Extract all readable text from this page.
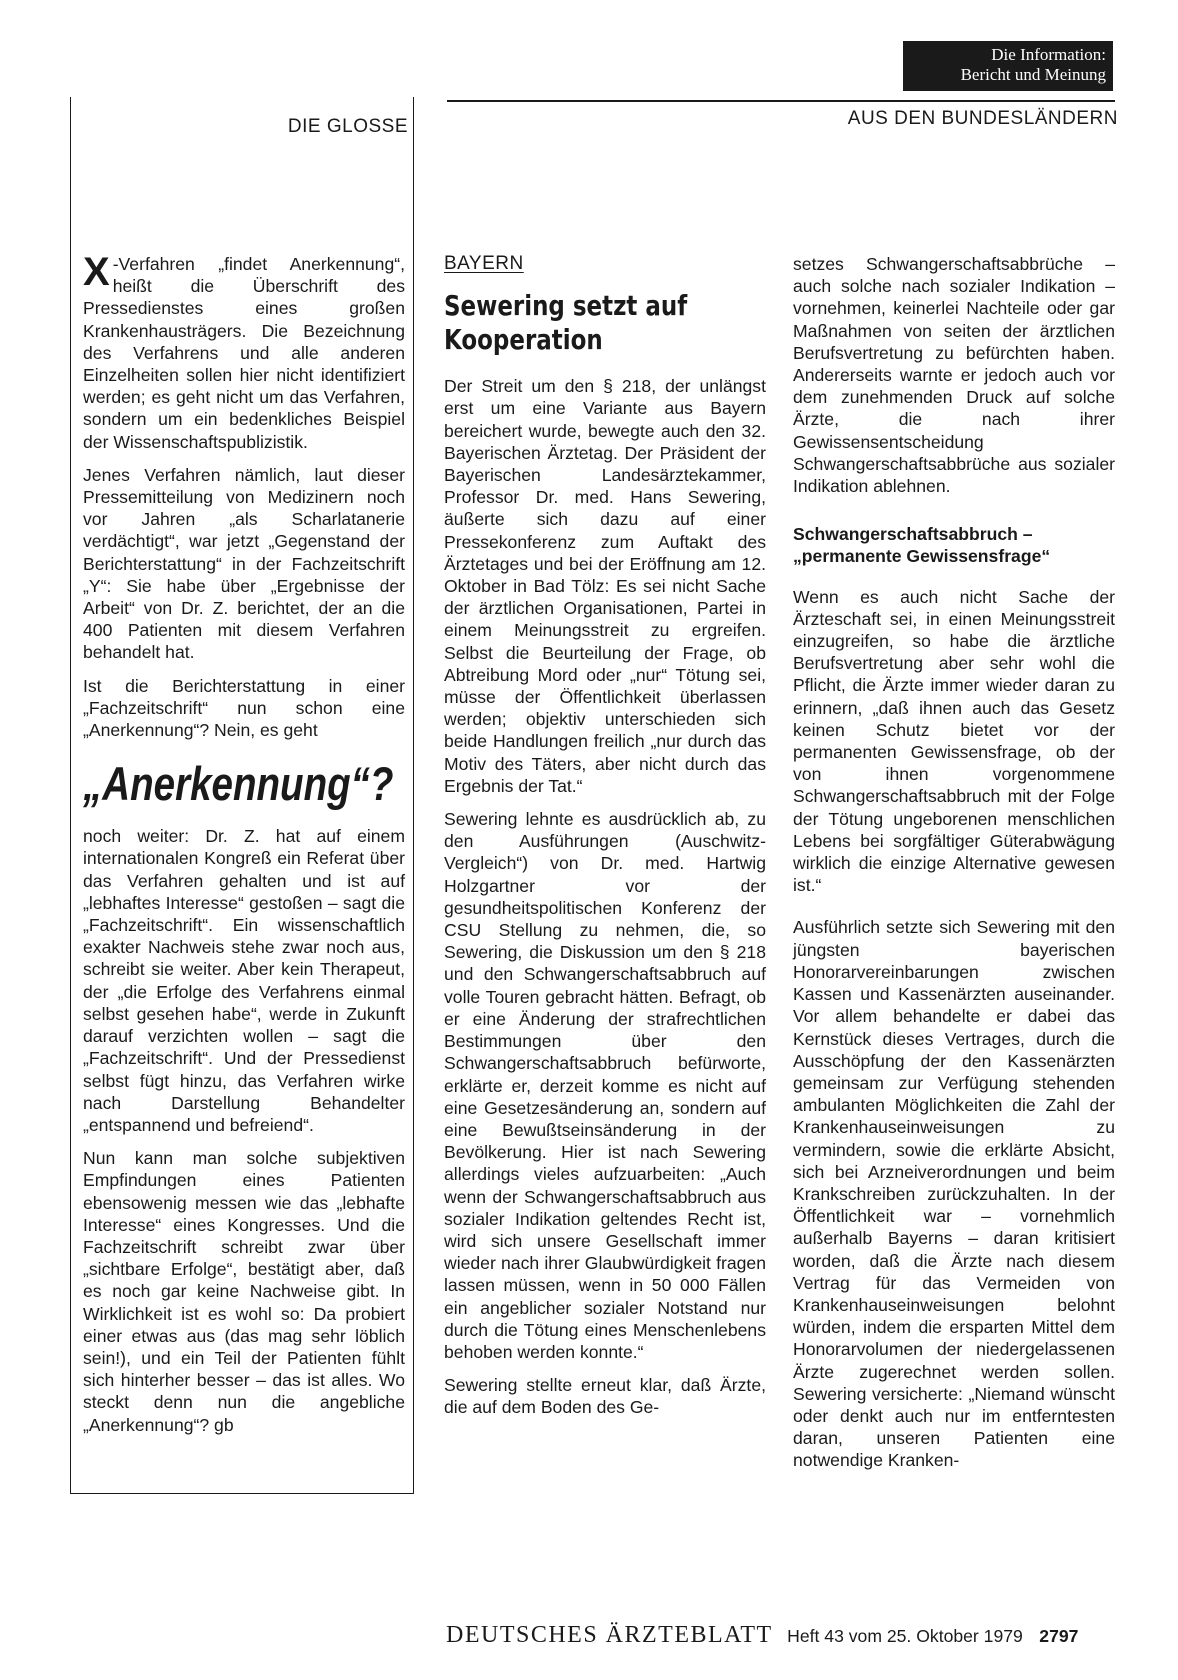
Die Information:
Bericht und Meinung
DIE GLOSSE	AUS DEN BUNDESLÄNDERN

X -Verfahren „findet Anerkennung“, heißt die Überschrift des Pressedienstes eines großen Krankenhausträgers. Die Bezeichnung des Verfahrens und alle anderen Einzelheiten sollen hier nicht identifiziert werden; es geht nicht um das Verfahren, sondern um ein bedenkliches Beispiel der Wissenschaftspublizistik.

Jenes Verfahren nämlich, laut dieser Pressemitteilung von Medizinern noch vor Jahren „als Scharlatanerie verdächtigt“, war jetzt „Gegenstand der Berichterstattung“ in der Fachzeitschrift „Y“: Sie habe über „Ergebnisse der Arbeit“ von Dr. Z. berichtet, der an die 400 Patienten mit diesem Verfahren behandelt hat.

Ist die Berichterstattung in einer „Fachzeitschrift“ nun schon eine „Anerkennung“? Nein, es geht

„Anerkennung“?

noch weiter: Dr. Z. hat auf einem internationalen Kongreß ein Referat über das Verfahren gehalten und ist auf „lebhaftes Interesse“ gestoßen – sagt die „Fachzeitschrift“. Ein wissenschaftlich exakter Nachweis stehe zwar noch aus, schreibt sie weiter. Aber kein Therapeut, der „die Erfolge des Verfahrens einmal selbst gesehen habe“, werde in Zukunft darauf verzichten wollen – sagt die „Fachzeitschrift“. Und der Pressedienst selbst fügt hinzu, das Verfahren wirke nach Darstellung Behandelter „entspannend und befreiend“.

Nun kann man solche subjektiven Empfindungen eines Patienten ebensowenig messen wie das „lebhafte Interesse“ eines Kongresses. Und die Fachzeitschrift schreibt zwar über „sichtbare Erfolge“, bestätigt aber, daß es noch gar keine Nachweise gibt. In Wirklichkeit ist es wohl so: Da probiert einer etwas aus (das mag sehr löblich sein!), und ein Teil der Patienten fühlt sich hinterher besser – das ist alles. Wo steckt denn nun die angebliche „Anerkennung“? gb

BAYERN
Sewering setzt auf Kooperation

Der Streit um den § 218, der unlängst erst um eine Variante aus Bayern bereichert wurde, bewegte auch den 32. Bayerischen Ärztetag. Der Präsident der Bayerischen Landesärztekammer, Professor Dr. med. Hans Sewering, äußerte sich dazu auf einer Pressekonferenz zum Auftakt des Ärztetages und bei der Eröffnung am 12. Oktober in Bad Tölz: Es sei nicht Sache der ärztlichen Organisationen, Partei in einem Meinungsstreit zu ergreifen. Selbst die Beurteilung der Frage, ob Abtreibung Mord oder „nur“ Tötung sei, müsse der Öffentlichkeit überlassen werden; objektiv unterschieden sich beide Handlungen freilich „nur durch das Motiv des Täters, aber nicht durch das Ergebnis der Tat.“

Sewering lehnte es ausdrücklich ab, zu den Ausführungen (Auschwitz-Vergleich“) von Dr. med. Hartwig Holzgartner vor der gesundheitspolitischen Konferenz der CSU Stellung zu nehmen, die, so Sewering, die Diskussion um den § 218 und den Schwangerschaftsabbruch auf volle Touren gebracht hätten. Befragt, ob er eine Änderung der strafrechtlichen Bestimmungen über den Schwangerschaftsabbruch befürworte, erklärte er, derzeit komme es nicht auf eine Gesetzesänderung an, sondern auf eine Bewußtseinsänderung in der Bevölkerung. Hier ist nach Sewering allerdings vieles aufzuarbeiten: „Auch wenn der Schwangerschaftsabbruch aus sozialer Indikation geltendes Recht ist, wird sich unsere Gesellschaft immer wieder nach ihrer Glaubwürdigkeit fragen lassen müssen, wenn in 50 000 Fällen ein angeblicher sozialer Notstand nur durch die Tötung eines Menschenlebens behoben werden konnte.“

Sewering stellte erneut klar, daß Ärzte, die auf dem Boden des Ge-

setzes Schwangerschaftsabbrüche – auch solche nach sozialer Indikation – vornehmen, keinerlei Nachteile oder gar Maßnahmen von seiten der ärztlichen Berufsvertretung zu befürchten haben. Andererseits warnte er jedoch auch vor dem zunehmenden Druck auf solche Ärzte, die nach ihrer Gewissensentscheidung Schwangerschaftsabbrüche aus sozialer Indikation ablehnen.

Schwangerschaftsabbruch –
„permanente Gewissensfrage“

Wenn es auch nicht Sache der Ärzteschaft sei, in einen Meinungsstreit einzugreifen, so habe die ärztliche Berufsvertretung aber sehr wohl die Pflicht, die Ärzte immer wieder daran zu erinnern, „daß ihnen auch das Gesetz keinen Schutz bietet vor der permanenten Gewissensfrage, ob der von ihnen vorgenommene Schwangerschaftsabbruch mit der Folge der Tötung ungeborenen menschlichen Lebens bei sorgfältiger Güterabwägung wirklich die einzige Alternative gewesen ist.“

Ausführlich setzte sich Sewering mit den jüngsten bayerischen Honorarvereinbarungen zwischen Kassen und Kassenärzten auseinander. Vor allem behandelte er dabei das Kernstück dieses Vertrages, durch die Ausschöpfung der den Kassenärzten gemeinsam zur Verfügung stehenden ambulanten Möglichkeiten die Zahl der Krankenhauseinweisungen zu vermindern, sowie die erklärte Absicht, sich bei Arzneiverordnungen und beim Krankschreiben zurückzuhalten. In der Öffentlichkeit war – vornehmlich außerhalb Bayerns – daran kritisiert worden, daß die Ärzte nach diesem Vertrag für das Vermeiden von Krankenhauseinweisungen belohnt würden, indem die ersparten Mittel dem Honorarvolumen der niedergelassenen Ärzte zugerechnet werden sollen. Sewering versicherte: „Niemand wünscht oder denkt auch nur im entferntesten daran, unseren Patienten eine notwendige Kranken-

DEUTSCHES ÄRZTEBLATT Heft 43 vom 25. Oktober 1979 2797
